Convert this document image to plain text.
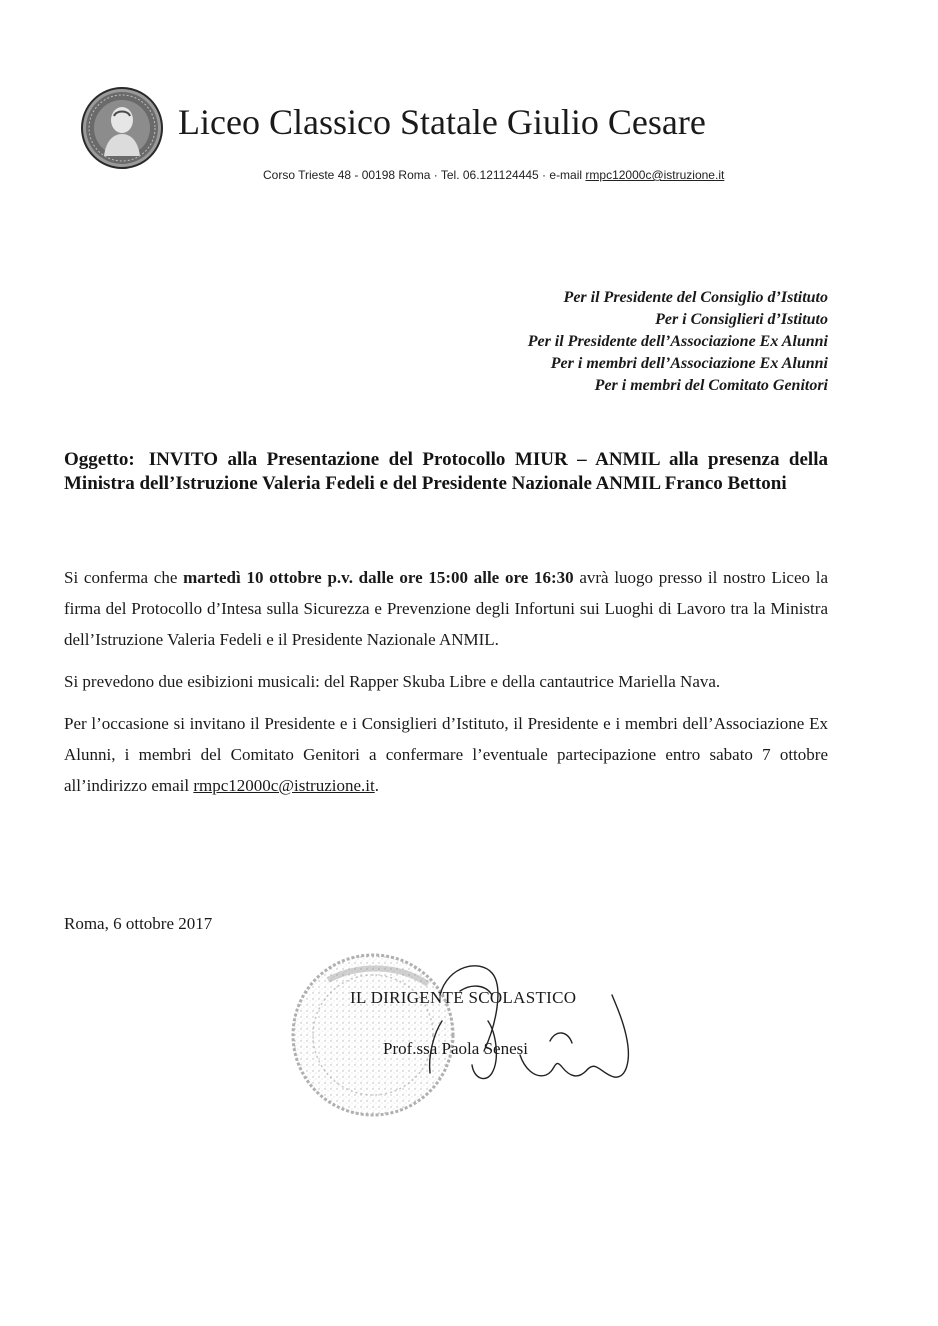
Liceo Classico Statale Giulio Cesare
Corso Trieste 48 - 00198 Roma · Tel. 06.121124445 · e-mail rmpc12000c@istruzione.it
Per il Presidente del Consiglio d’Istituto
Per i Consiglieri d’Istituto
Per il Presidente dell’Associazione Ex Alunni
Per i membri dell’Associazione Ex Alunni
Per i membri del Comitato Genitori
Oggetto: INVITO alla Presentazione del Protocollo MIUR – ANMIL alla presenza della Ministra dell’Istruzione Valeria Fedeli e del Presidente Nazionale ANMIL Franco Bettoni

Si conferma che martedì 10 ottobre p.v. dalle ore 15:00 alle ore 16:30 avrà luogo presso il nostro Liceo la firma del Protocollo d’Intesa sulla Sicurezza e Prevenzione degli Infortuni sui Luoghi di Lavoro tra la Ministra dell’Istruzione Valeria Fedeli e il Presidente Nazionale ANMIL.

Si prevedono due esibizioni musicali: del Rapper Skuba Libre e della cantautrice Mariella Nava.

Per l’occasione si invitano il Presidente e i Consiglieri d’Istituto, il Presidente e i membri dell’Associazione Ex Alunni, i membri del Comitato Genitori a confermare l’eventuale partecipazione entro sabato 7 ottobre all’indirizzo email rmpc12000c@istruzione.it.

Roma, 6 ottobre 2017
IL DIRIGENTE SCOLASTICO
Prof.ssa Paola Senesi
